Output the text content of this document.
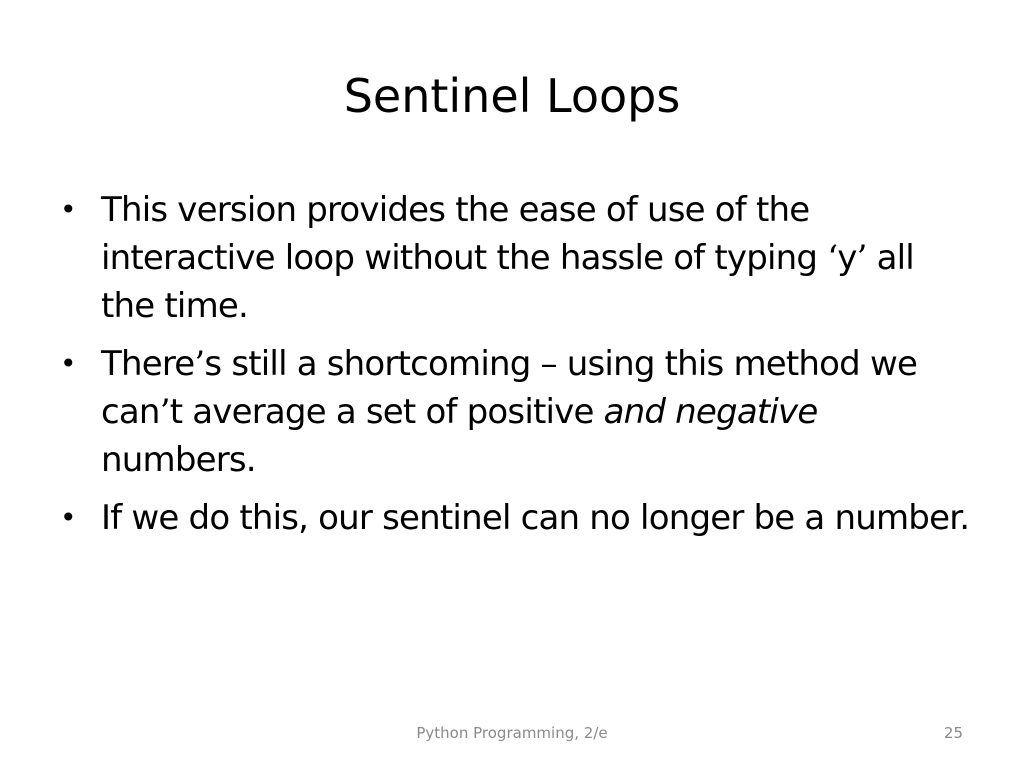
Sentinel Loops
• This version provides the ease of use of the interactive loop without the hassle of typing ‘y’ all the time.
• There’s still a shortcoming – using this method we can’t average a set of positive and negative numbers.
• If we do this, our sentinel can no longer be a number.
Python Programming, 2/e	25
